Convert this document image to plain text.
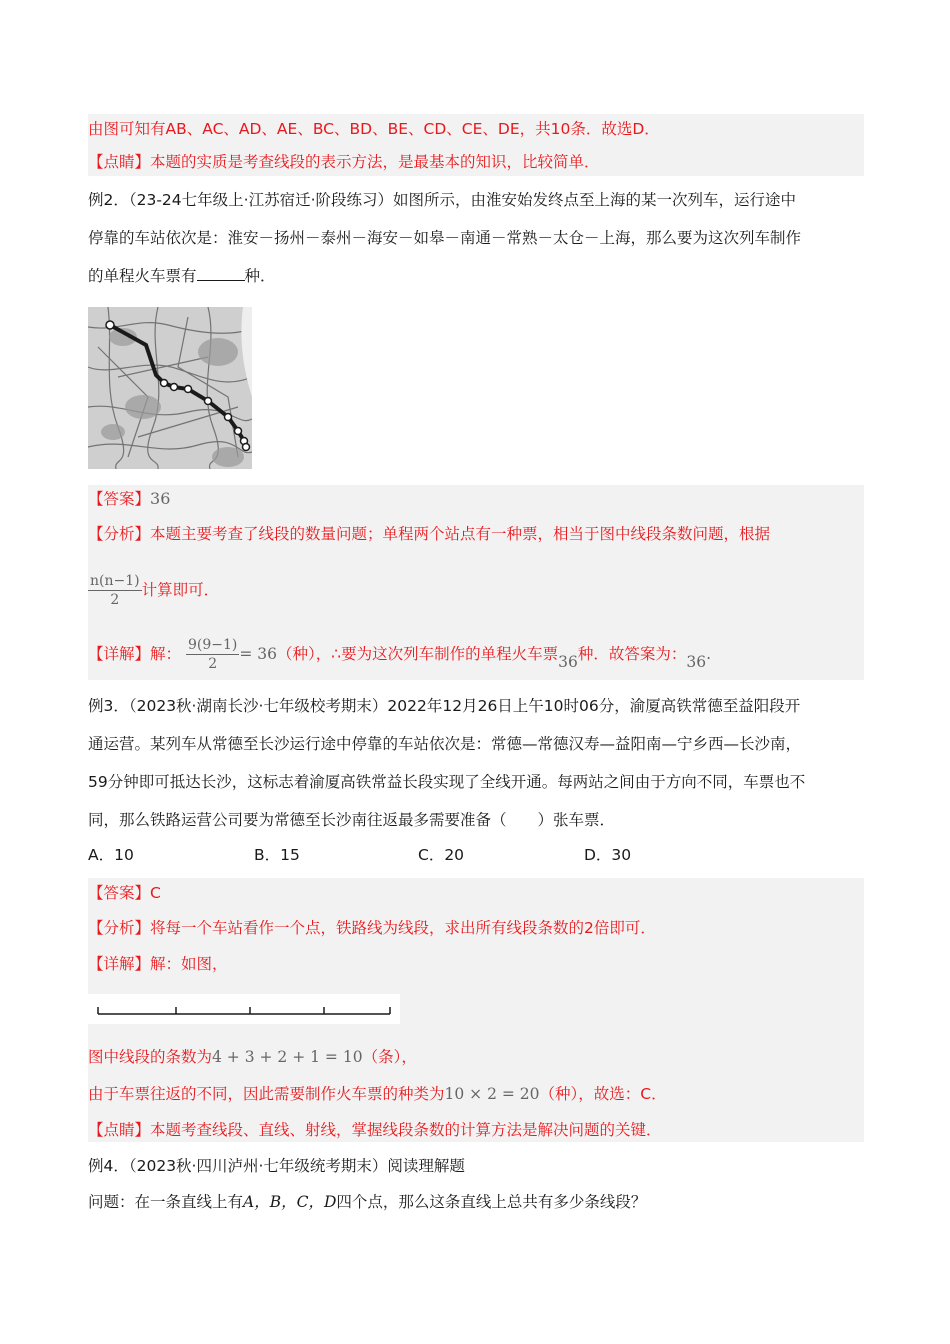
由图可知有AB、AC、AD、AE、BC、BD、BE、CD、CE、DE，共10条．故选D．
【点睛】本题的实质是考查线段的表示方法，是最基本的知识，比较简单．
例2．（23-24七年级上·江苏宿迁·阶段练习）如图所示，由淮安始发终点至上海的某一次列车，运行途中
停靠的车站依次是：淮安－扬州－泰州－海安－如皋－南通－常熟－太仓－上海，那么要为这次列车制作
的单程火车票有	种．
【答案】36
【分析】本题主要考查了线段的数量问题；单程两个站点有一种票，相当于图中线段条数问题，根据
$\frac{n(n-1)}{2}$ 计算即可．
【详解】解： $\frac{9(9-1)}{2} = 36$（种），∴要为这次列车制作的单程火车票36种．故答案为：36.
例3．（2023秋·湖南长沙·七年级校考期末）2022年12月26日上午10时06分，渝厦高铁常德至益阳段开
通运营。某列车从常德至长沙运行途中停靠的车站依次是：常德—常德汉寿—益阳南—宁乡西—长沙南，
59分钟即可抵达长沙，这标志着渝厦高铁常益长段实现了全线开通。每两站之间由于方向不同，车票也不
同，那么铁路运营公司要为常德至长沙南往返最多需要准备（　　）张车票．
A．10	B．15	C．20	D．30
【答案】C
【分析】将每一个车站看作一个点，铁路线为线段，求出所有线段条数的2倍即可．
【详解】解：如图，
图中线段的条数为4 + 3 + 2 + 1 = 10（条），
由于车票往返的不同，因此需要制作火车票的种类为10 × 2 = 20（种），故选：C．
【点睛】本题考查线段、直线、射线，掌握线段条数的计算方法是解决问题的关键．
例4．（2023秋·四川泸州·七年级统考期末）阅读理解题
问题：在一条直线上有A，B，C，D四个点，那么这条直线上总共有多少条线段？
